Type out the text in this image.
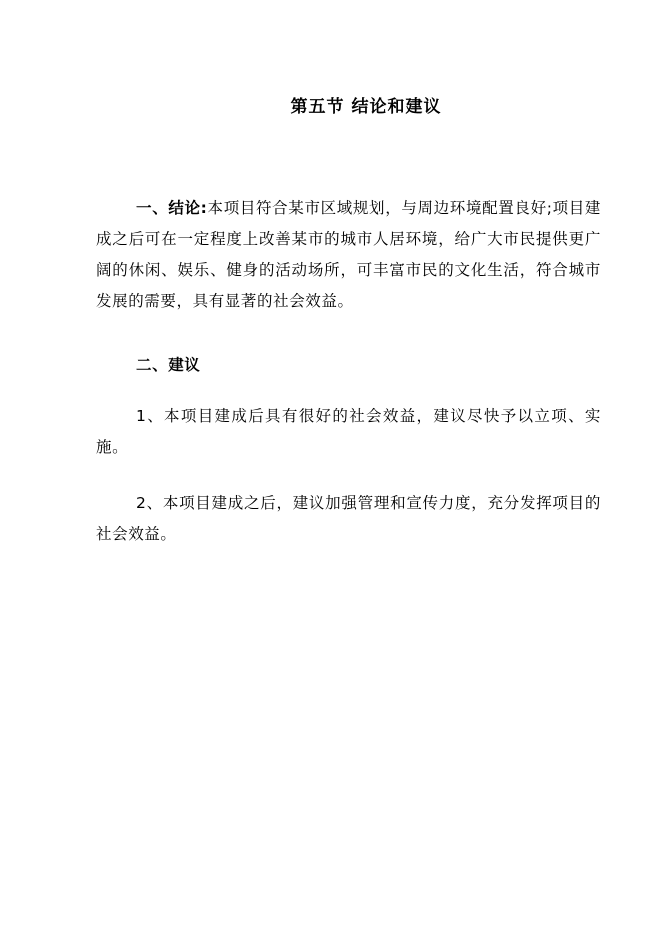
第五节 结论和建议
一、结论:本项目符合某市区域规划，与周边环境配置良好;项目建成之后可在一定程度上改善某市的城市人居环境，给广大市民提供更广阔的休闲、娱乐、健身的活动场所，可丰富市民的文化生活，符合城市发展的需要，具有显著的社会效益。
二、建议
1、本项目建成后具有很好的社会效益，建议尽快予以立项、实施。
2、本项目建成之后，建议加强管理和宣传力度，充分发挥项目的社会效益。
